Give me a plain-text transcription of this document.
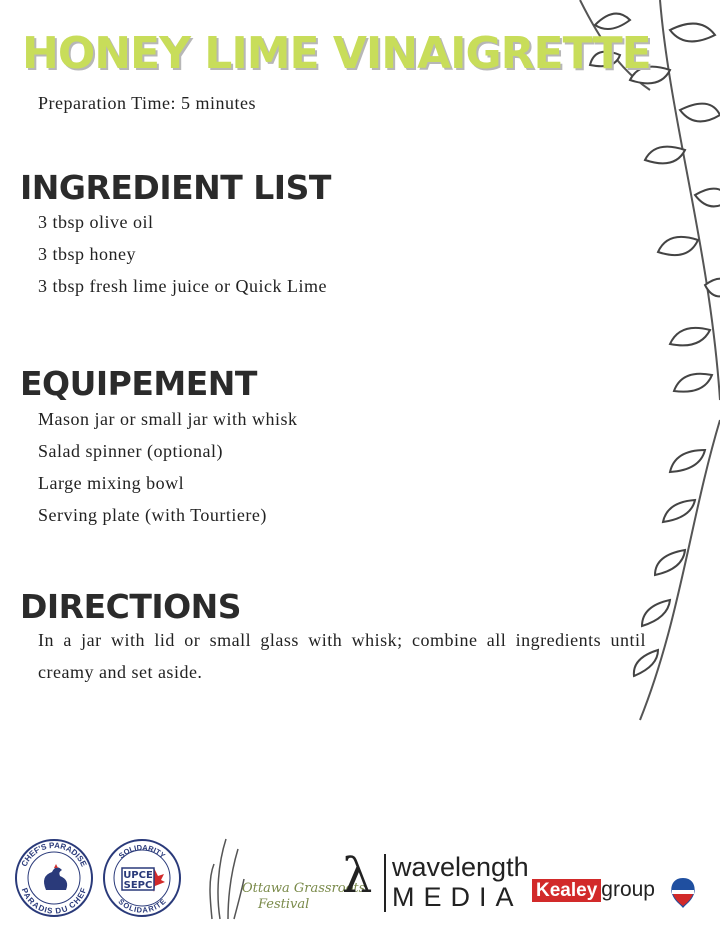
HONEY LIME VINAIGRETTE
Preparation Time: 5 minutes
INGREDIENT LIST
3 tbsp olive oil
3 tbsp honey
3 tbsp fresh lime juice or Quick Lime
EQUIPEMENT
Mason jar or small jar with whisk
Salad spinner (optional)
Large mixing bowl
Serving plate (with Tourtiere)
DIRECTIONS

In a jar with lid or small glass with whisk; combine all ingredients until creamy and set aside.

CHEF'S PARADISE
PARADIS DU CHEF
SOLIDARITY
SOLIDARITÉ
UPCE
SEPC	Ottawa Grassroots
Festival
λ wavelength
MEDIA Kealey group
